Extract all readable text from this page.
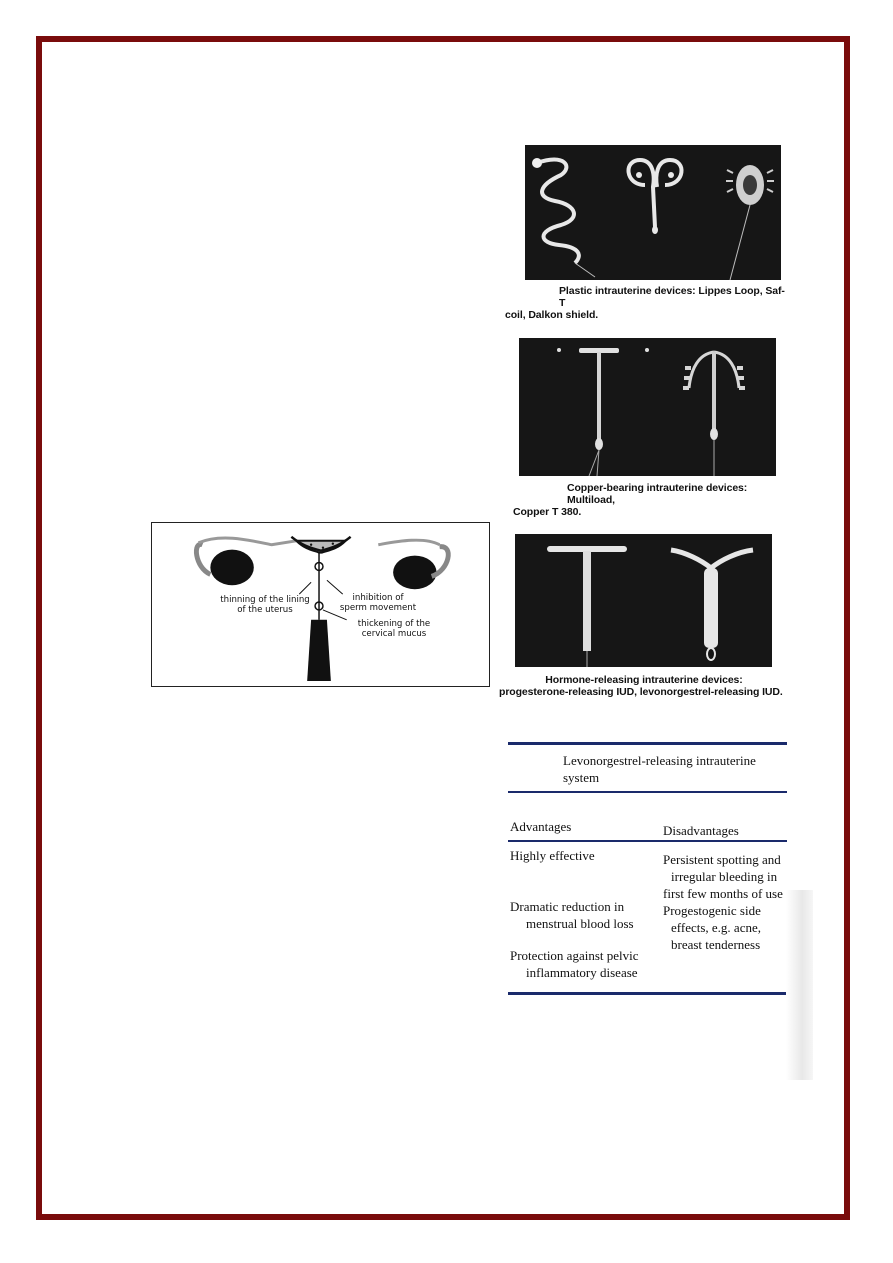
Plastic intrauterine devices: Lippes Loop, Saf-T
coil, Dalkon shield.
Copper-bearing intrauterine devices: Multiload,
Copper T 380.
Hormone-releasing intrauterine devices:
progesterone-releasing IUD, levonorgestrel-releasing IUD.
thinning of the lining
of the uterus
inhibition of
sperm movement
thickening of the
cervical mucus
Levonorgestrel-releasing intrauterine
system
Advantages	Disadvantages
Highly effective
Dramatic reduction in
menstrual blood loss
Protection against pelvic
inflammatory disease
Persistent spotting and
irregular bleeding in
first few months of use
Progestogenic side
effects, e.g. acne,
breast tenderness
